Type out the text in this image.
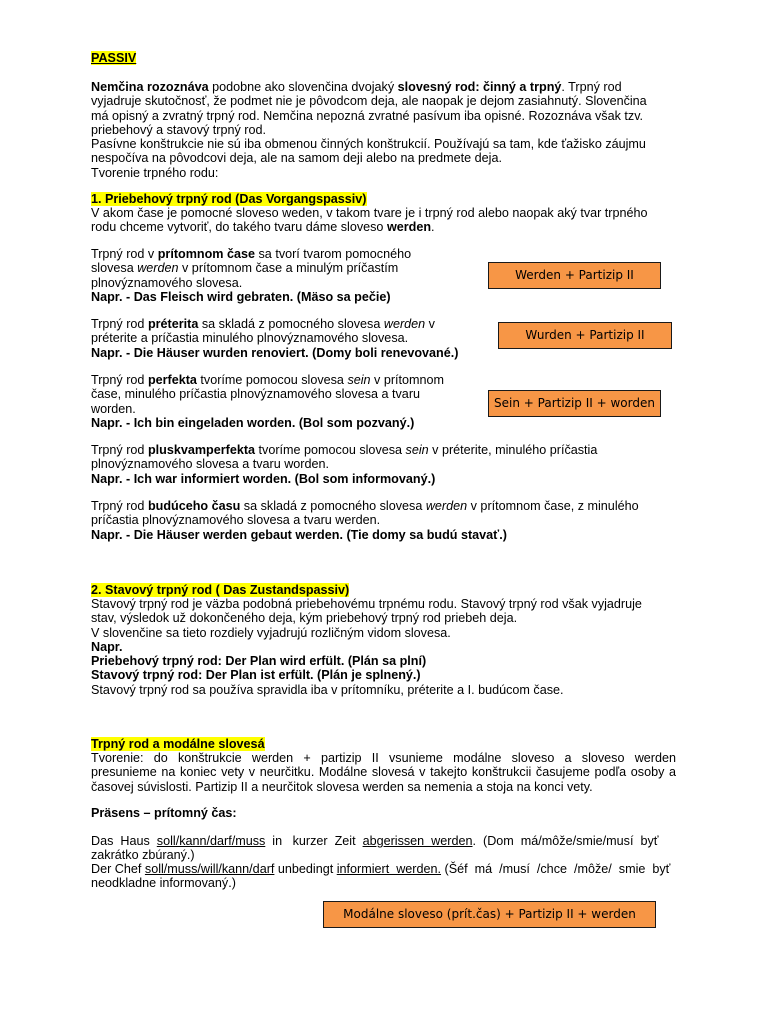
PASSIV

Nemčina rozoznáva podobne ako slovenčina dvojaký slovesný rod: činný a trpný. Trpný rod

vyjadruje skutočnosť, že podmet nie je pôvodcom deja, ale naopak je dejom zasiahnutý. Slovenčina

má opisný a zvratný trpný rod. Nemčina nepozná zvratné pasívum iba opisné. Rozoznáva však tzv.

priebehový a stavový trpný rod.

Pasívne konštrukcie nie sú iba obmenou činných konštrukcií. Používajú sa tam, kde ťažisko záujmu

nespočíva na pôvodcovi deja, ale na samom deji alebo na predmete deja.

Tvorenie trpného rodu:

1. Priebehový trpný rod (Das Vorgangspassiv)

V akom čase je pomocné sloveso weden, v takom tvare je i trpný rod alebo naopak aký tvar trpného

rodu chceme vytvoriť, do takého tvaru dáme sloveso werden.

Trpný rod v prítomnom čase sa tvorí tvarom pomocného

slovesa werden v prítomnom čase a minulým príčastím

plnovýznamového slovesa.

Napr. - Das Fleisch wird gebraten. (Mäso sa pečie)

Werden + Partizip II

Trpný rod préterita sa skladá z pomocného slovesa werden v

préterite a príčastia minulého plnovýznamového slovesa.

Napr. - Die Häuser wurden renoviert. (Domy boli renevované.)

Wurden + Partizip II

Trpný rod perfekta tvoríme pomocou slovesa sein v prítomnom

čase, minulého príčastia plnovýznamového slovesa a tvaru

worden.

Napr. - Ich bin eingeladen worden. (Bol som pozvaný.)

Sein + Partizip II + worden

Trpný rod pluskvamperfekta tvoríme pomocou slovesa sein v préterite, minulého príčastia

plnovýznamového slovesa a tvaru worden.

Napr. - Ich war informiert worden. (Bol som informovaný.)

Trpný rod budúceho času sa skladá z pomocného slovesa werden v prítomnom čase, z minulého

príčastia plnovýznamového slovesa a tvaru werden.

Napr. - Die Häuser werden gebaut werden. (Tie domy sa budú stavať.)

2. Stavový trpný rod ( Das Zustandspassiv)

Stavový trpný rod je väzba podobná priebehovému trpnému rodu. Stavový trpný rod však vyjadruje

stav, výsledok už dokončeného deja, kým priebehový trpný rod priebeh deja.

V slovenčine sa tieto rozdiely vyjadrujú rozličným vidom slovesa.

Napr.

Priebehový trpný rod: Der Plan wird erfült. (Plán sa plní)

Stavový trpný rod: Der Plan ist erfült. (Plán je splnený.)

Stavový trpný rod sa používa spravidla iba v prítomníku, préterite a I. budúcom čase.

Trpný rod a modálne slovesá

Tvorenie: do konštrukcie werden + partizip II vsunieme modálne sloveso a sloveso werden

presunieme na koniec vety v neurčitku. Modálne slovesá v takejto konštrukcii časujeme podľa osoby a

časovej súvislosti. Partizip II a neurčitok slovesa werden sa nemenia a stoja na konci vety.

Präsens – prítomný čas:

Das  Haus  soll/kann/darf/muss  in   kurzer  Zeit  abgerissen  werden.  (Dom  má/môže/smie/musí  byť

zakrátko zbúraný.)

Der Chef soll/muss/will/kann/darf unbedingt informiert  werden. (Šéf  má  /musí  /chce  /môže/  smie  byť

neodkladne informovaný.)

Modálne sloveso (prít.čas) + Partizip II + werden
